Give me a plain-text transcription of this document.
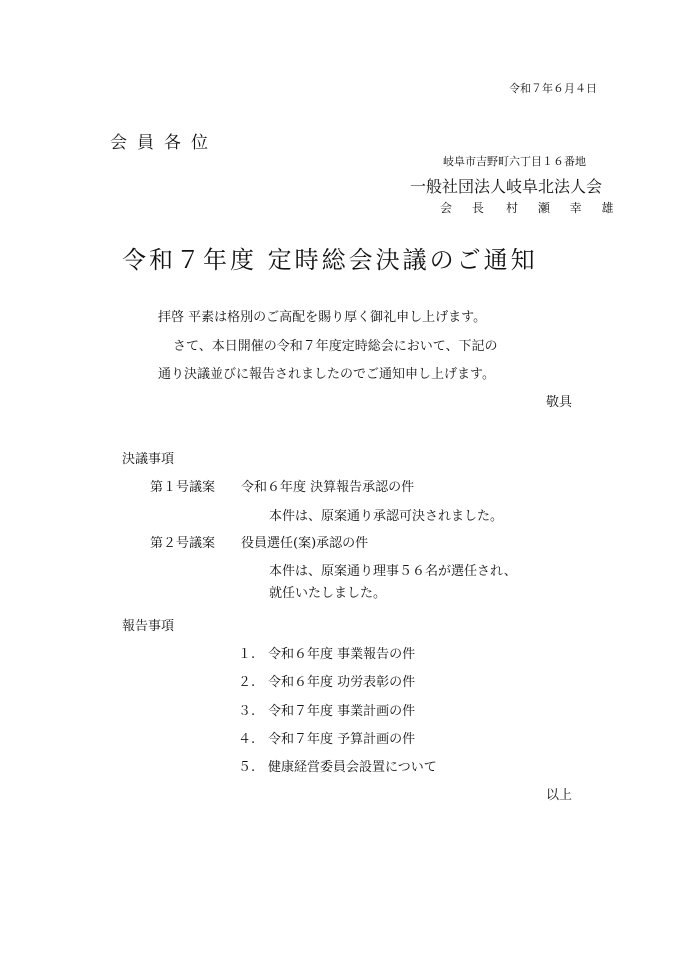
令和７年６月４日
会員各位
岐阜市吉野町六丁目１６番地
一般社団法人岐阜北法人会
会 長 村 瀬 幸 雄
令和７年度 定時総会決議のご通知
拝啓 平素は格別のご高配を賜り厚く御礼申し上げます。
さて、本日開催の令和７年度定時総会において、下記の
通り決議並びに報告されましたのでご通知申し上げます。
敬具
決議事項
第１号議案 令和６年度 決算報告承認の件
本件は、原案通り承認可決されました。
第２号議案 役員選任(案)承認の件
本件は、原案通り理事５６名が選任され、
就任いたしました。
報告事項
１. 令和６年度 事業報告の件
２. 令和６年度 功労表彰の件
３. 令和７年度 事業計画の件
４. 令和７年度 予算計画の件
５. 健康経営委員会設置について
以上
